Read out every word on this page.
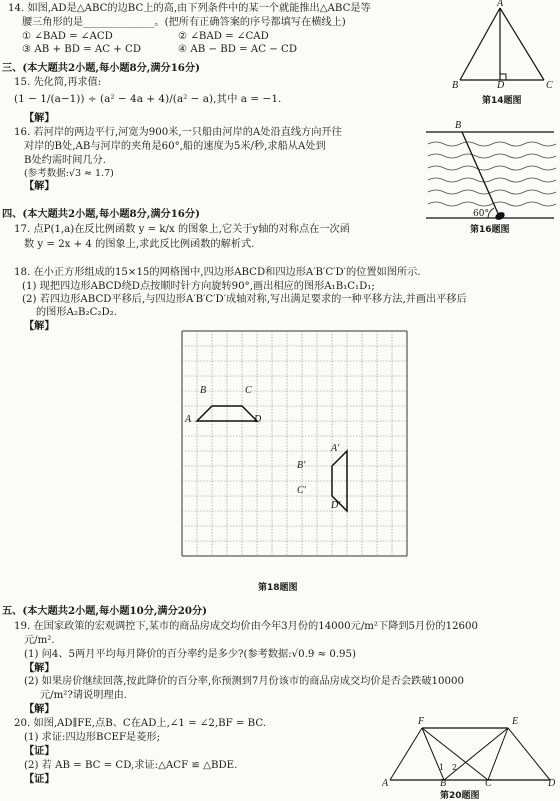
14. 如图,AD是△ABC的边BC上的高,由下列条件中的某一个就能推出△ABC是等
腰三角形的是______________。(把所有正确答案的序号都填写在横线上)
① ∠BAD = ∠ACD	② ∠BAD = ∠CAD
③ AB + BD = AC + CD	④ AB − BD = AC − CD
A
B	D	C
第14题图
三、(本大题共2小题,每小题8分,满分16分)
15. 先化简,再求值:
(1 − 1/(a−1)) ÷ (a² − 4a + 4)/(a² − a),其中 a = −1.
【解】
16. 若河岸的两边平行,河宽为900米,一只船由河岸的A处沿直线方向开往
对岸的B处,AB与河岸的夹角是60°,船的速度为5米/秒,求船从A处到
B处约需时间几分.
(参考数据:√3 ≈ 1.7)
【解】
B
60°
第16题图
四、(本大题共2小题,每小题8分,满分16分)
17. 点P(1,a)在反比例函数 y = k/x 的图象上,它关于y轴的对称点在一次函
数 y = 2x + 4 的图象上,求此反比例函数的解析式.
18. 在小正方形组成的15×15的网格图中,四边形ABCD和四边形A′B′C′D′的位置如图所示.
(1) 现把四边形ABCD绕D点按顺时针方向旋转90°,画出相应的图形A₁B₁C₁D₁;
(2) 若四边形ABCD平移后,与四边形A′B′C′D′成轴对称,写出满足要求的一种平移方法,并画出平移后
的图形A₂B₂C₂D₂.
【解】
B	C
A	D
A′
B′
C′
D′
第18题图
五、(本大题共2小题,每小题10分,满分20分)
19. 在国家政策的宏观调控下,某市的商品房成交均价由今年3月份的14000元/m²下降到5月份的12600
元/m².
(1) 问4、5两月平均每月降价的百分率约是多少?(参考数据:√0.9 ≈ 0.95)
【解】
(2) 如果房价继续回落,按此降价的百分率,你预测到7月份该市的商品房成交均价是否会跌破10000
元/m²?请说明理由.
【解】
20. 如图,AD∥FE,点B、C在AD上,∠1 = ∠2,BF = BC.
(1) 求证:四边形BCEF是菱形;
【证】
(2) 若 AB = BC = CD,求证:△ACF ≌ △BDE.
【证】
F	E
A	B	C	D
1 2
第20题图
